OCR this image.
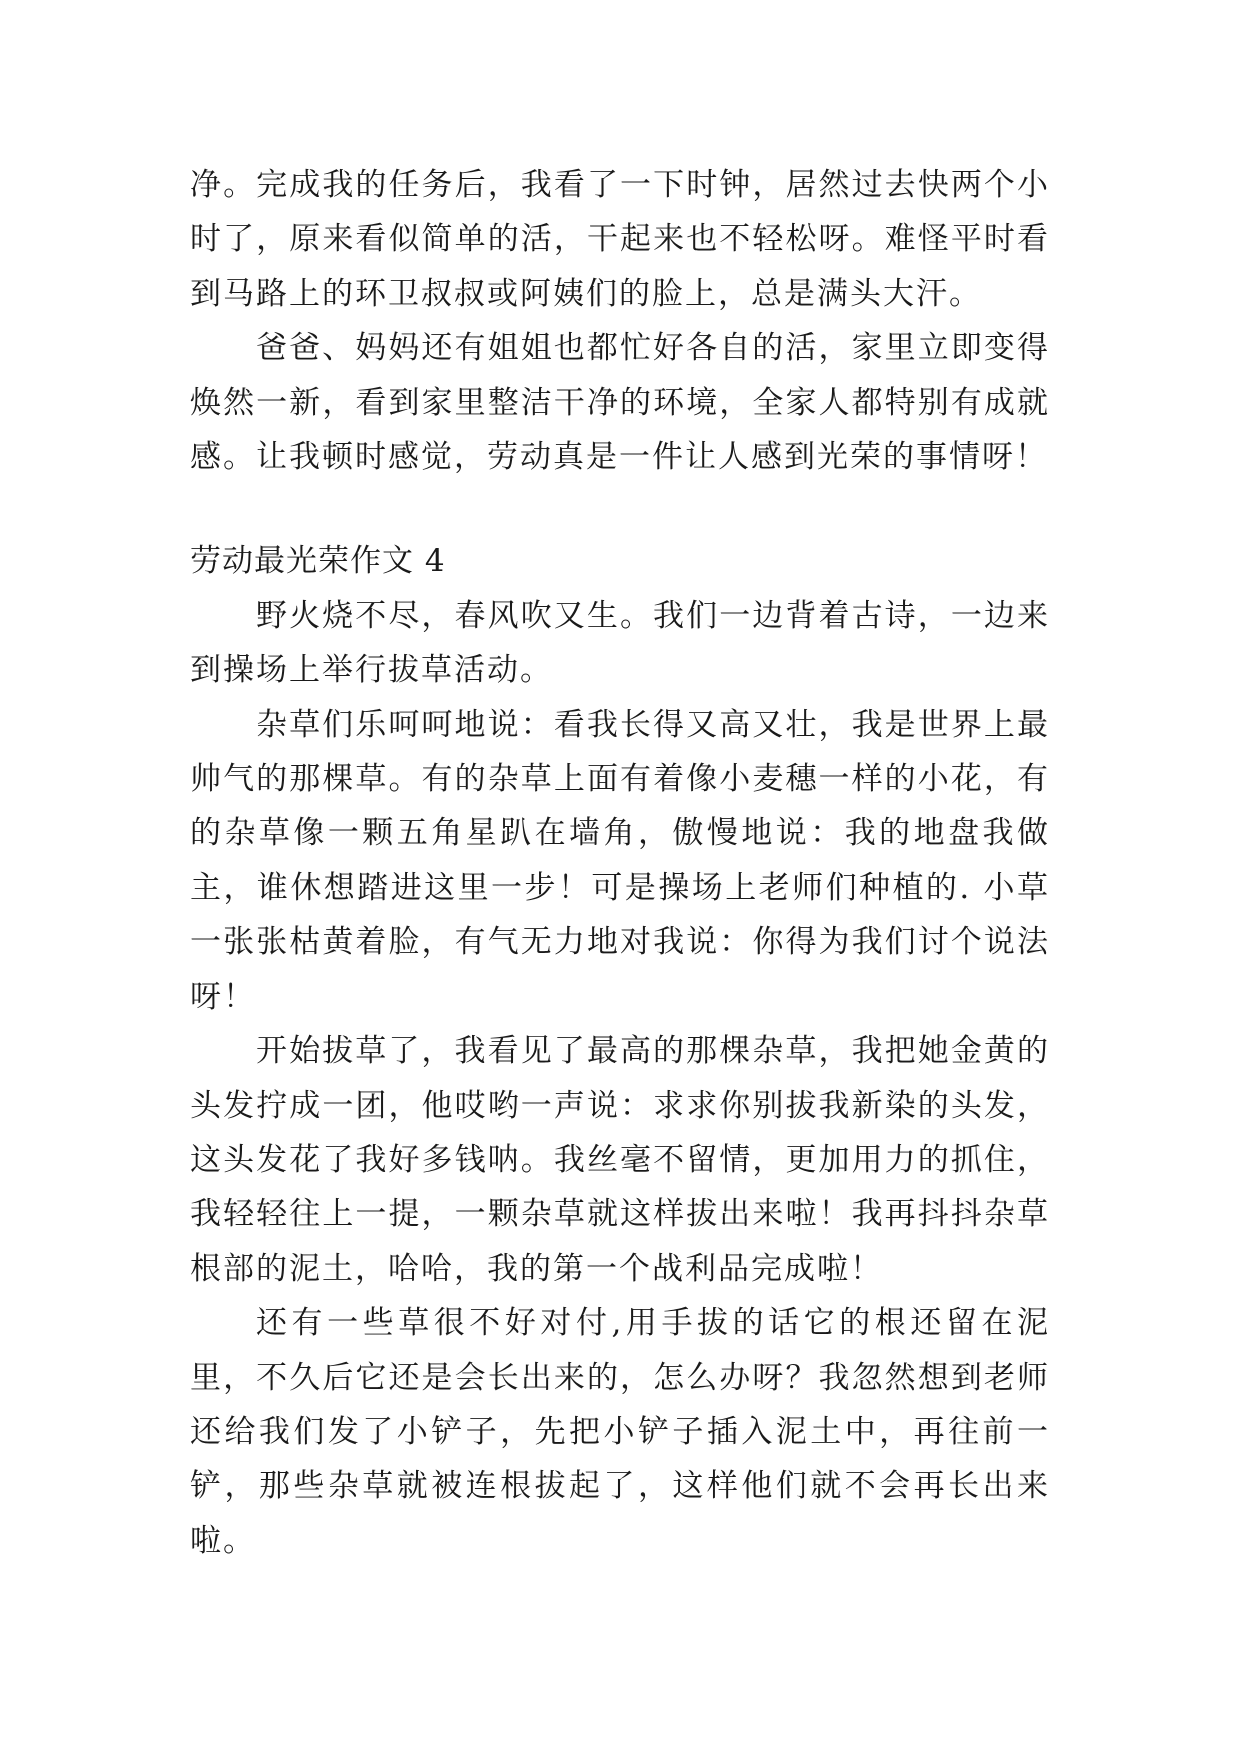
净。完成我的任务后，我看了一下时钟，居然过去快两个小时了，原来看似简单的活，干起来也不轻松呀。难怪平时看到马路上的环卫叔叔或阿姨们的脸上，总是满头大汗。

爸爸、妈妈还有姐姐也都忙好各自的活，家里立即变得焕然一新，看到家里整洁干净的环境，全家人都特别有成就感。让我顿时感觉，劳动真是一件让人感到光荣的事情呀！

劳动最光荣作文 4

野火烧不尽，春风吹又生。我们一边背着古诗，一边来到操场上举行拔草活动。

杂草们乐呵呵地说：看我长得又高又壮，我是世界上最帅气的那棵草。有的杂草上面有着像小麦穗一样的小花，有的杂草像一颗五角星趴在墙角，傲慢地说：我的地盘我做主，谁休想踏进这里一步！可是操场上老师们种植的. 小草一张张枯黄着脸，有气无力地对我说：你得为我们讨个说法呀！

开始拔草了，我看见了最高的那棵杂草，我把她金黄的头发拧成一团，他哎哟一声说：求求你别拔我新染的头发，这头发花了我好多钱呐。我丝毫不留情，更加用力的抓住，我轻轻往上一提，一颗杂草就这样拔出来啦！我再抖抖杂草根部的泥土，哈哈，我的第一个战利品完成啦！

还有一些草很不好对付,用手拔的话它的根还留在泥里，不久后它还是会长出来的，怎么办呀？我忽然想到老师还给我们发了小铲子，先把小铲子插入泥土中，再往前一铲，那些杂草就被连根拔起了，这样他们就不会再长出来啦。
